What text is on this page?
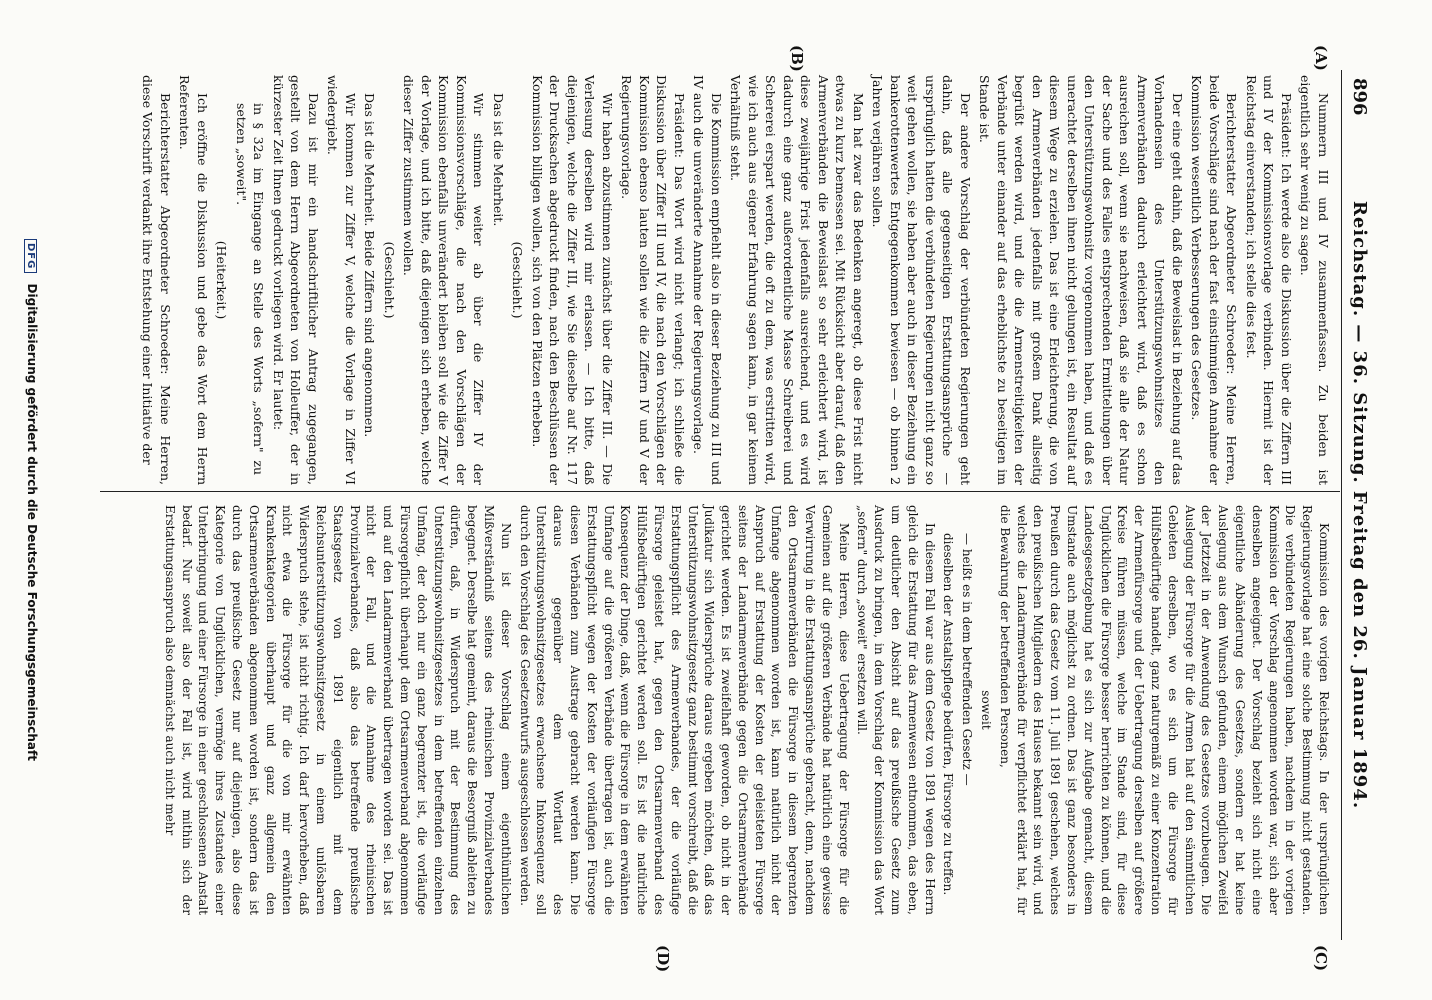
896
Reichstag. — 36. Sitzung. Freitag den 26. Januar 1894.
(A)
(B)
(C)
(D)

Nummern III und IV zusammenfassen. Zu beiden ist eigentlich sehr wenig zu sagen.

Präsident: Ich werde also die Diskussion über die Ziffern III und IV der Kommissionsvorlage verbinden. Hiermit ist der Reichstag einverstanden; ich stelle dies fest.

Berichterstatter Abgeordneter Schroeder: Meine Herren, beide Vorschläge sind nach der fast einstimmigen Annahme der Kommission wesentlich Verbesserungen des Gesetzes.

Der eine geht dahin, daß die Beweislast in Beziehung auf das Vorhandensein des Unterstützungswohnsitzes den Armenverbänden dadurch erleichtert wird, daß es schon ausreichen soll, wenn sie nachweisen, daß sie alle der Natur der Sache und des Falles entsprechenden Ermittelungen über den Unterstützungswohnsitz vorgenommen haben, und daß es unerachtet derselben ihnen nicht gelungen ist, ein Resultat auf diesem Wege zu erzielen. Das ist eine Erleichterung, die von den Armenverbänden jedenfalls mit großem Dank allseitig begrüßt werden wird, und die die Armenstreitigkeiten der Verbände unter einander auf das erheblichste zu beseitigen im Stande ist.

Der andere Vorschlag der verbündeten Regierungen geht dahin, daß alle gegenseitigen Erstattungsansprüche — ursprünglich hatten die verbündeten Regierungen nicht ganz so weit gehen wollen, sie haben aber auch in dieser Beziehung ein bankerottenwertes Entgegenkommen bewiesen — ob binnen 2 Jahren verjähren sollen.

Man hat zwar das Bedenken angeregt, ob diese Frist nicht etwas zu kurz bemessen sei. Mit Rücksicht aber darauf, daß den Armenverbänden die Beweislast so sehr erleichtert wird, ist diese zweijährige Frist jedenfalls ausreichend, und es wird dadurch eine ganz außerordentliche Masse Schreiberei und Schererei erspart werden, die oft zu dem, was erstritten wird, wie ich auch aus eigener Erfahrung sagen kann, in gar keinem Verhältniß steht.

Die Kommission empfiehlt also in dieser Beziehung zu III und IV auch die unveränderte Annahme der Regierungsvorlage.

Präsident: Das Wort wird nicht verlangt; ich schließe die Diskussion über Ziffer III und IV, die nach den Vorschlägen der Kommission ebenso lauten sollen wie die Ziffern IV und V der Regierungsvorlage.

Wir haben abzustimmen zunächst über die Ziffer III. — Die Verlesung derselben wird mir erlassen. — Ich bitte, daß diejenigen, welche die Ziffer III, wie Sie dieselbe auf Nr. 117 der Drucksachen abgedruckt finden, nach den Beschlüssen der Kommission billigen wollen, sich von den Plätzen erheben.

(Geschieht.)

Das ist die Mehrheit.

Wir stimmen weiter ab über die Ziffer IV der Kommissionsvorschläge, die nach den Vorschlägen der Kommission ebenfalls unverändert bleiben soll wie die Ziffer V der Vorlage, und ich bitte, daß diejenigen sich erheben, welche dieser Ziffer zustimmen wollen.

(Geschieht.)

Das ist die Mehrheit. Beide Ziffern sind angenommen.

Wir kommen zur Ziffer V, welche die Vorlage in Ziffer VI wiedergiebt.

Dazu ist mir ein handschriftlicher Antrag zugegangen, gestellt von dem Herrn Abgeordneten von Holleuffer, der in kürzester Zeit Ihnen gedruckt vorliegen wird. Er lautet:

in § 32a im Eingange an Stelle des Worts „sofern" zu setzen „soweit".

(Heiterkeit.)

Ich eröffne die Diskussion und gebe das Wort dem Herrn Referenten.

Berichterstatter Abgeordneter Schroeder: Meine Herren, diese Vorschrift verdankt ihre Entstehung einer Initiative der

Kommission des vorigen Reichstags. In der ursprünglichen Regierungsvorlage hat eine solche Bestimmung nicht gestanden. Die verbündeten Regierungen haben, nachdem in der vorigen Kommission der Vorschlag angenommen worden war, sich aber denselben angeeignet. Der Vorschlag bezieht sich nicht eine eigentliche Abänderung des Gesetzes, sondern er hat keine Auslegung aus dem Wunsch gefunden, einem möglichen Zweifel der Jetztzeit in der Anwendung des Gesetzes vorzubeugen. Die Auslegung der Fürsorge für die Armen hat auf den sämmtlichen Gebieten derselben, wo es sich um die Fürsorge für Hülfsbedürftige handelt, ganz naturgemäß zu einer Konzentration der Armenfürsorge und der Uebertragung derselben auf größere Kreise führen müssen, welche im Stande sind, für diese Unglücklichen die Fürsorge besser herrichten zu können, und die Landesgesetzgebung hat es sich zur Aufgabe gemacht, diesem Umstande auch möglichst zu ordnen. Das ist ganz besonders in Preußen durch das Gesetz vom 11. Juli 1891 geschehen, welches den preußischen Mitgliedern des Hauses bekannt sein wird, und welches die Landarmenverbände für verpflichtet erklärt hat, für die Bewahrung der betreffenden Personen,

soweit

— heißt es in dem betreffenden Gesetz —

dieselben der Anstaltspflege bedürfen, Fürsorge zu treffen.

In diesem Fall war aus dem Gesetz von 1891 wegen des Herrn gleich die Erstattung für das Armenwesen entnommen, das eben, um deutlicher den Absicht auf das preußische Gesetz zum Ausdruck zu bringen, in dem Vorschlag der Kommission das Wort „sofern" durch „soweit" ersetzen will.

Meine Herren, diese Uebertragung der Fürsorge für die Gemeinen auf die größeren Verbände hat natürlich eine gewisse Verwirrung in die Erstattungsansprüche gebracht, denn, nachdem den Ortsarmenverbänden die Fürsorge in diesem begrenzten Umfange abgenommen worden ist, kann natürlich nicht der Anspruch auf Erstattung der Kosten der geleisteten Fürsorge seitens der Landarmenverbände gegen die Ortsarmenverbände gerichtet werden. Es ist zweifelhaft geworden, ob nicht in der Judikatur sich Widersprüche daraus ergeben möchten, daß das Unterstützungswohnsitzgesetz ganz bestimmt vorschreibt, daß die Erstattungspflicht des Armenverbandes, der die vorläufige Fürsorge geleistet hat, gegen den Ortsarmenverband des Hülfsbedürftigen gerichtet werden soll. Es ist die natürliche Konsequenz der Dinge, daß, wenn die Fürsorge in dem erwähnten Umfange auf die größeren Verbände übertragen ist, auch die Erstattungspflicht wegen der Kosten der vorläufigen Fürsorge diesen Verbänden zum Austrage gebracht werden kann. Die daraus gegenüber dem Wortlaut des Unterstützungswohnsitzgesetzes erwachsene Inkonsequenz soll durch den Vorschlag des Gesetzentwurfs ausgeschlossen werden.

Nun ist dieser Vorschlag einem eigenthümlichen Mißverständniß seitens des rheinischen Provinzialverbandes begegnet. Derselbe hat gemeint, daraus die Besorgniß ableiten zu dürfen, daß, in Widerspruch mit der Bestimmung des Unterstützungswohnsitzgesetzes in dem betreffenden einzelnen Umfang, der doch nur ein ganz begrenzter ist, die vorläufige Fürsorgepflicht überhaupt dem Ortsarmenverband abgenommen und auf den Landarmenverband übertragen worden sei. Das ist nicht der Fall, und die Annahme des rheinischen Provinzialverbandes, daß also das betreffende preußische Staatsgesetz von 1891 eigentlich mit dem Reichsunterstützungswohnsitzgesetz in einem unlösbaren Widerspruch stehe, ist nicht richtig. Ich darf hervorheben, daß nicht etwa die Fürsorge für die von mir erwähnten Krankenkategorien überhaupt und ganz allgemein den Ortsarmenverbänden abgenommen worden ist, sondern das ist durch das preußische Gesetz nur auf diejenigen, also diese Kategorie von Unglücklichen, vermöge ihres Zustandes einer Unterbringung und einer Fürsorge in einer geschlossenen Anstalt bedarf. Nur soweit also der Fall ist, wird mithin sich der Erstattungsanspruch also demnächst auch nicht mehr

DFG Digitalisierung gefördert durch die Deutsche Forschungsgemeinschaft
